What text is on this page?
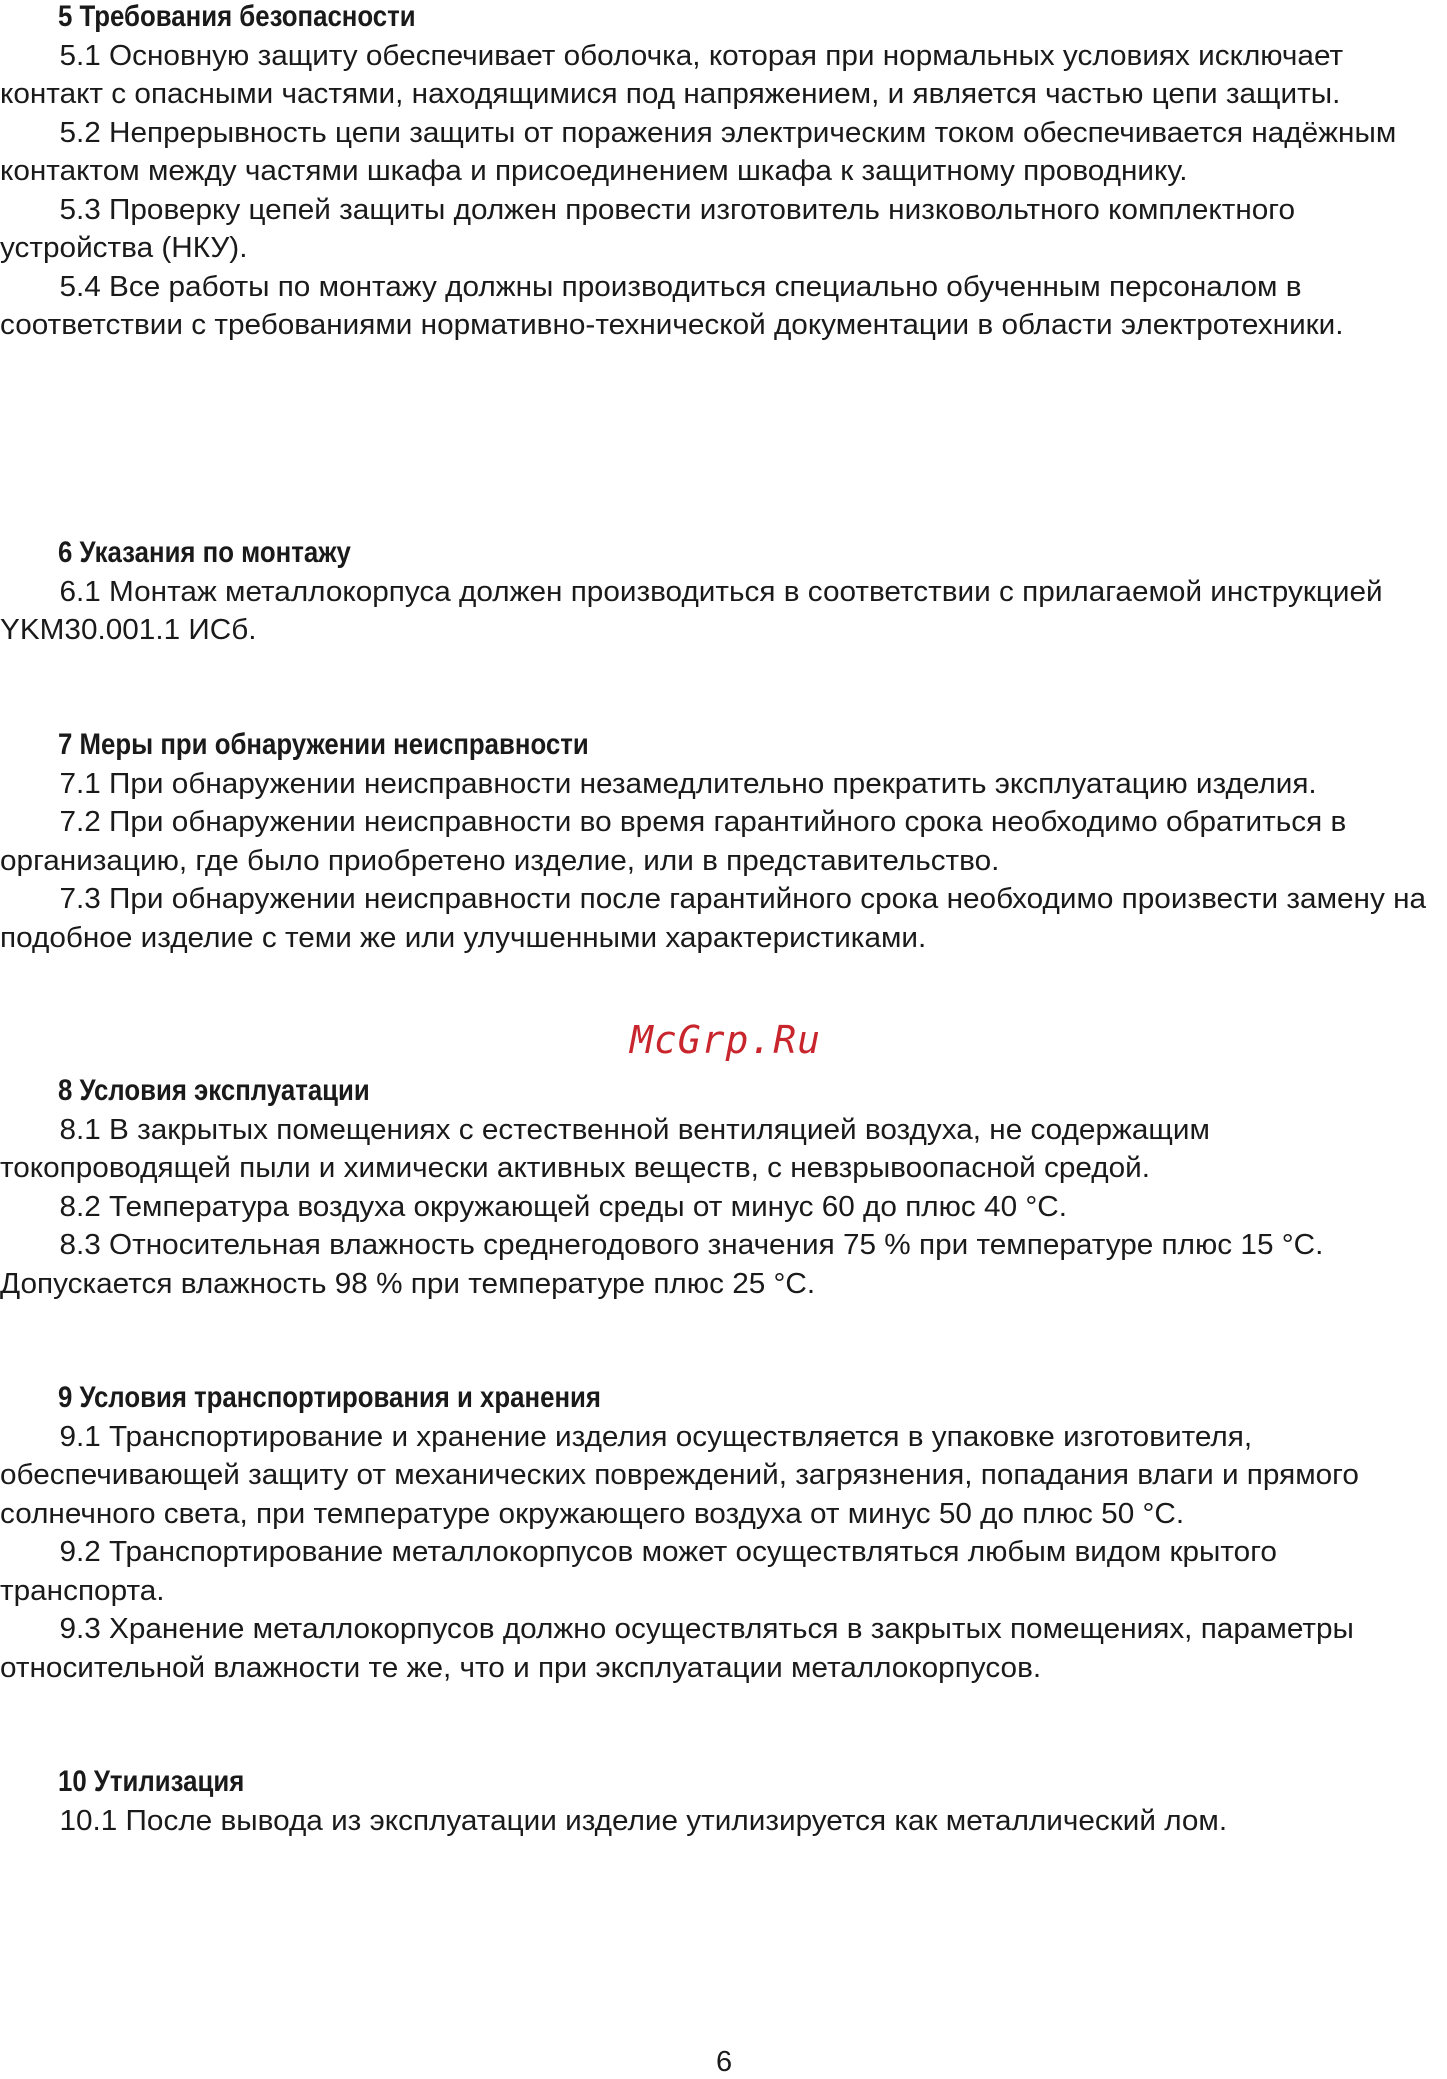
5 Требования безопасности

5.1 Основную защиту обеспечивает оболочка, которая при нормальных условиях исключает контакт с опасными частями, находящимися под напряжением, и является частью цепи защиты.

5.2 Непрерывность цепи защиты от поражения электрическим током обеспечивается надёжным контактом между частями шкафа и присоединением шкафа к защитному проводнику.

5.3 Проверку цепей защиты должен провести изготовитель низковольтного комплектного устройства (НКУ).

5.4 Все работы по монтажу должны производиться специально обученным персоналом в соответствии с требованиями нормативно-технической документации в области электротехники.

6 Указания по монтажу

6.1 Монтаж металлокорпуса должен производиться в соответствии с прилагаемой инструкцией YKM30.001.1 ИСб.

7 Меры при обнаружении неисправности

7.1 При обнаружении неисправности незамедлительно прекратить эксплуатацию изделия.

7.2 При обнаружении неисправности во время гарантийного срока необходимо обратиться в организацию, где было приобретено изделие, или в представительство.

7.3 При обнаружении неисправности после гарантийного срока необходимо произвести замену на подобное изделие с теми же или улучшенными характеристиками.

McGrp.Ru
8 Условия эксплуатации

8.1 В закрытых помещениях с естественной вентиляцией воздуха, не содержащим токопроводящей пыли и химически активных веществ, с невзрывоопасной средой.

8.2 Температура воздуха окружающей среды от минус 60 до плюс 40 °С.

8.3 Относительная влажность среднегодового значения 75 % при температуре плюс 15 °С. Допускается влажность 98 % при температуре плюс 25 °С.

9 Условия транспортирования и хранения

9.1 Транспортирование и хранение изделия осуществляется в упаковке изготовителя, обеспечивающей защиту от механических повреждений, загрязнения, попадания влаги и прямого солнечного света, при температуре окружающего воздуха от минус 50 до плюс 50 °С.

9.2 Транспортирование металлокорпусов может осуществляться любым видом крытого транспорта.

9.3 Хранение металлокорпусов должно осуществляться в закрытых помещениях, параметры относительной влажности те же, что и при эксплуатации металлокорпусов.

10 Утилизация

10.1 После вывода из эксплуатации изделие утилизируется как металлический лом.

6
